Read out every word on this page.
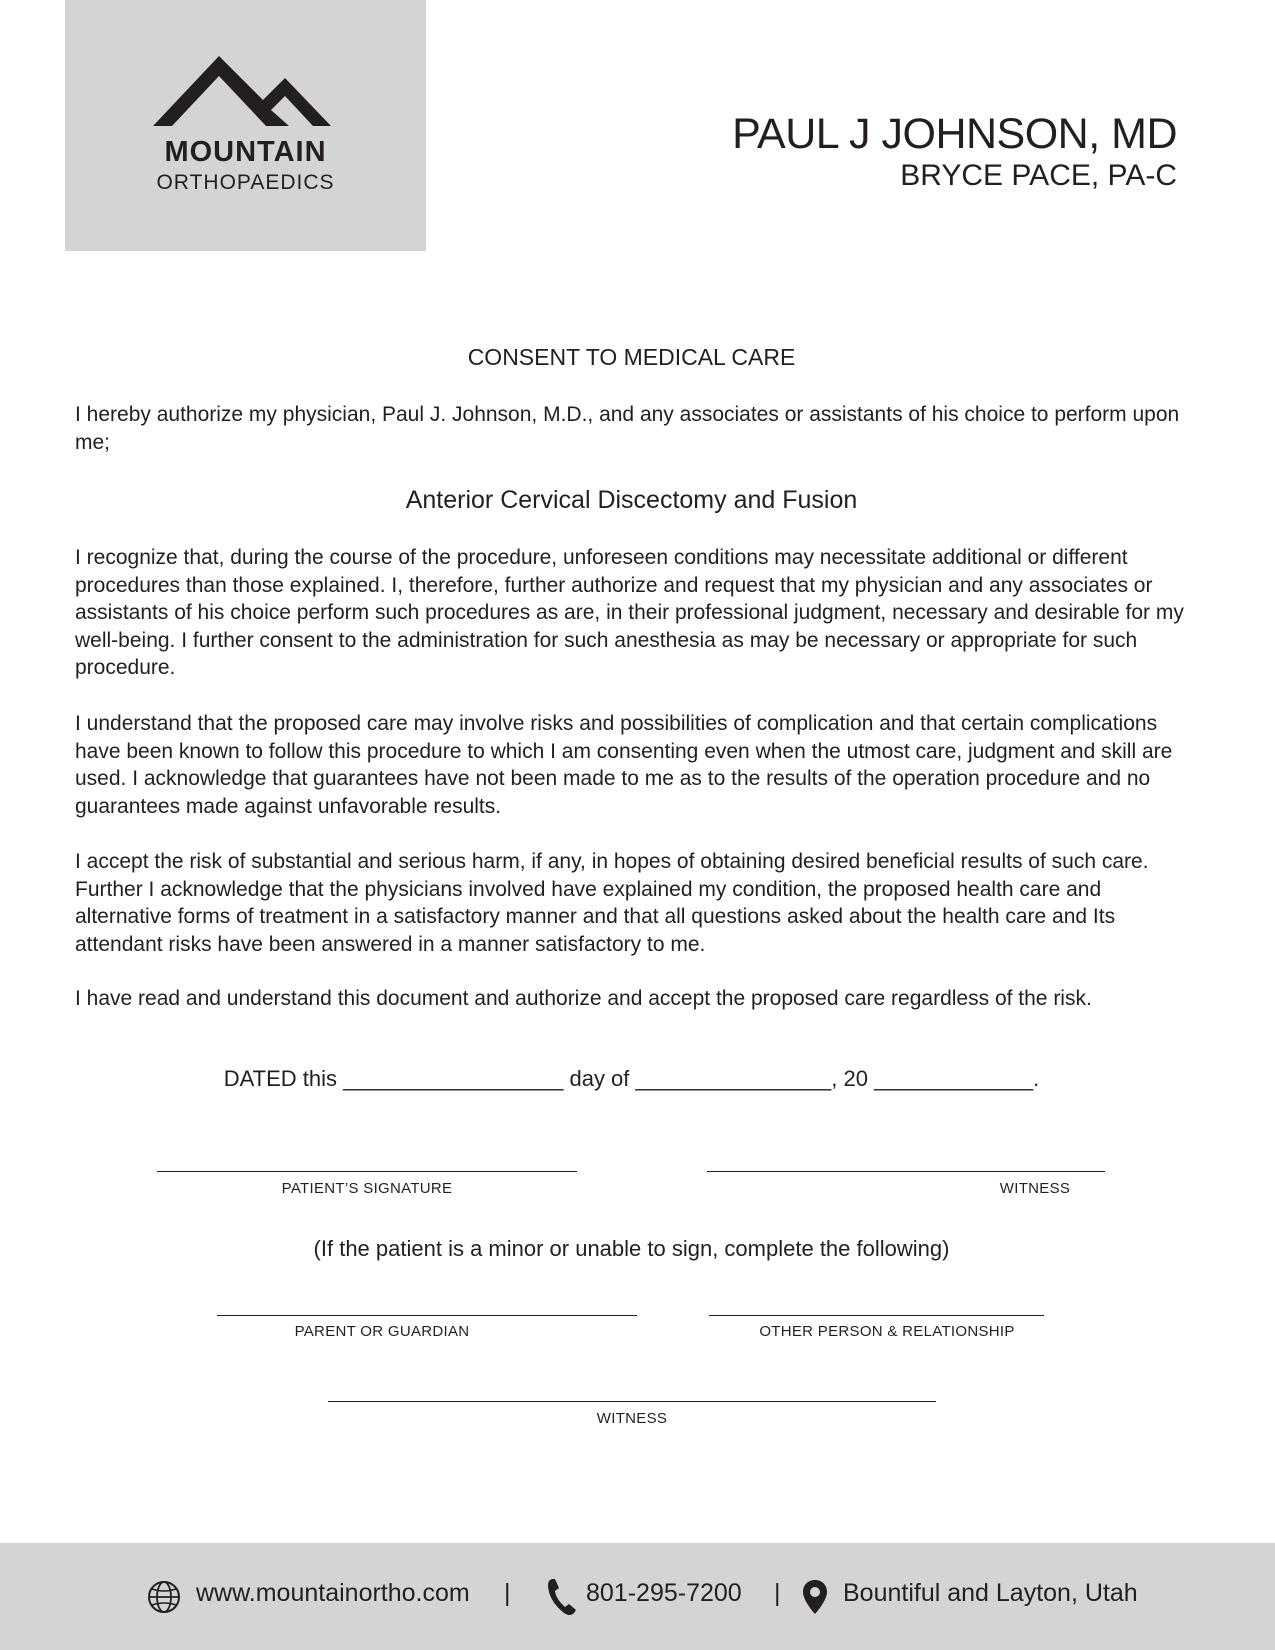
MOUNTAIN
ORTHOPAEDICS
PAUL J JOHNSON, MD
BRYCE PACE, PA-C
CONSENT TO MEDICAL CARE
I hereby authorize my physician, Paul J. Johnson, M.D., and any associates or assistants of his choice to perform upon me;
Anterior Cervical Discectomy and Fusion
I recognize that, during the course of the procedure, unforeseen conditions may necessitate additional or different procedures than those explained. I, therefore, further authorize and request that my physician and any associates or assistants of his choice perform such procedures as are, in their professional judgment, necessary and desirable for my well-being. I further consent to the administration for such anesthesia as may be necessary or appropriate for such procedure.
I understand that the proposed care may involve risks and possibilities of complication and that certain complications have been known to follow this procedure to which I am consenting even when the utmost care, judgment and skill are used. I acknowledge that guarantees have not been made to me as to the results of the operation procedure and no guarantees made against unfavorable results.
I accept the risk of substantial and serious harm, if any, in hopes of obtaining desired beneficial results of such care. Further I acknowledge that the physicians involved have explained my condition, the proposed health care and alternative forms of treatment in a satisfactory manner and that all questions asked about the health care and Its attendant risks have been answered in a manner satisfactory to me.
I have read and understand this document and authorize and accept the proposed care regardless of the risk.
DATED this __________________ day of ________________, 20 _____________.
PATIENT’S SIGNATURE	WITNESS
(If the patient is a minor or unable to sign, complete the following)
PARENT OR GUARDIAN	OTHER PERSON & RELATIONSHIP
WITNESS
www.mountainortho.com |	801-295-7200 |	Bountiful and Layton, Utah
